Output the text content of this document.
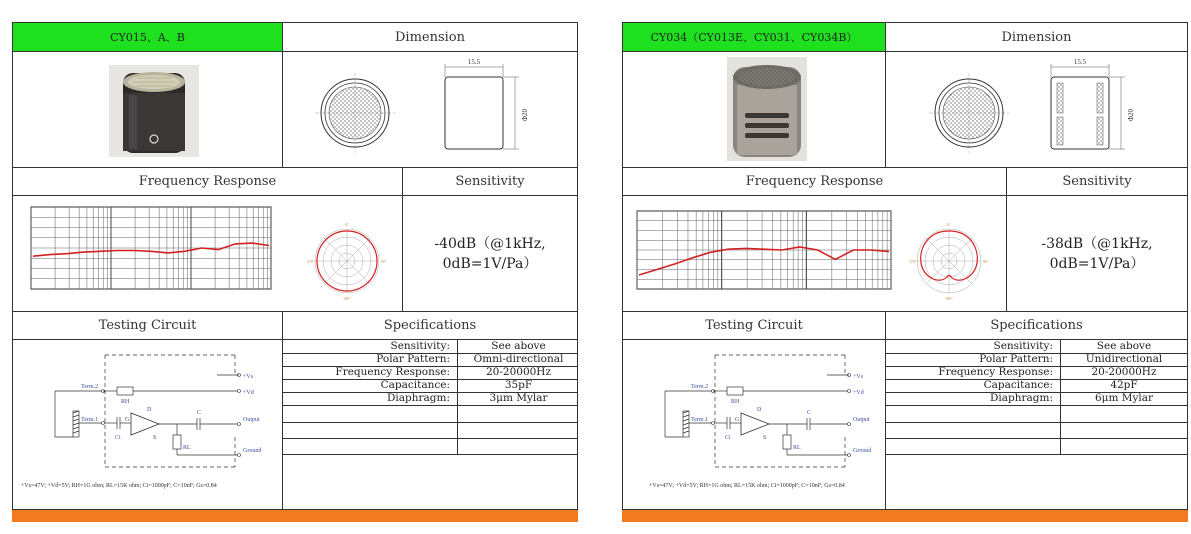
CY015、A、B	Dimension
Frequency Response	Sensitivity
Testing Circuit	Specifications
15.5
Φ20
0°
90°
270°
180°
-40dB（@1kHz,
0dB=1V/Pa）
Term.2
Term.1
RH
Ci
G
D
S
C
RL
+Vs
+Vd
Output
Ground
+Vs=47V; +Vd=5V; RH=1G ohm; RL=15K ohm; Ci=1000pF; C=10nF; Gs=0.84
Sensitivity:	See above
Polar Pattern:	Omni-directional
Frequency Response:	20-20000Hz
Capacitance:	35pF
Diaphragm:	3μm Mylar
CY034（CY013E、CY031、CY034B）	Dimension
Frequency Response	Sensitivity
Testing Circuit	Specifications
15.5
Φ20
0°
90°
270°
180°
-38dB（@1kHz,
0dB=1V/Pa）
Term.2
Term.1
RH
Ci
G
D
S
C
RL
+Vs
+Vd
Output
Ground
+Vs=47V; +Vd=5V; RH=1G ohm; RL=15K ohm; Ci=1000pF; C=10nF; Gs=0.84
Sensitivity:	See above
Polar Pattern:	Unidirectional
Frequency Response:	20-20000Hz
Capacitance:	42pF
Diaphragm:	6μm Mylar
